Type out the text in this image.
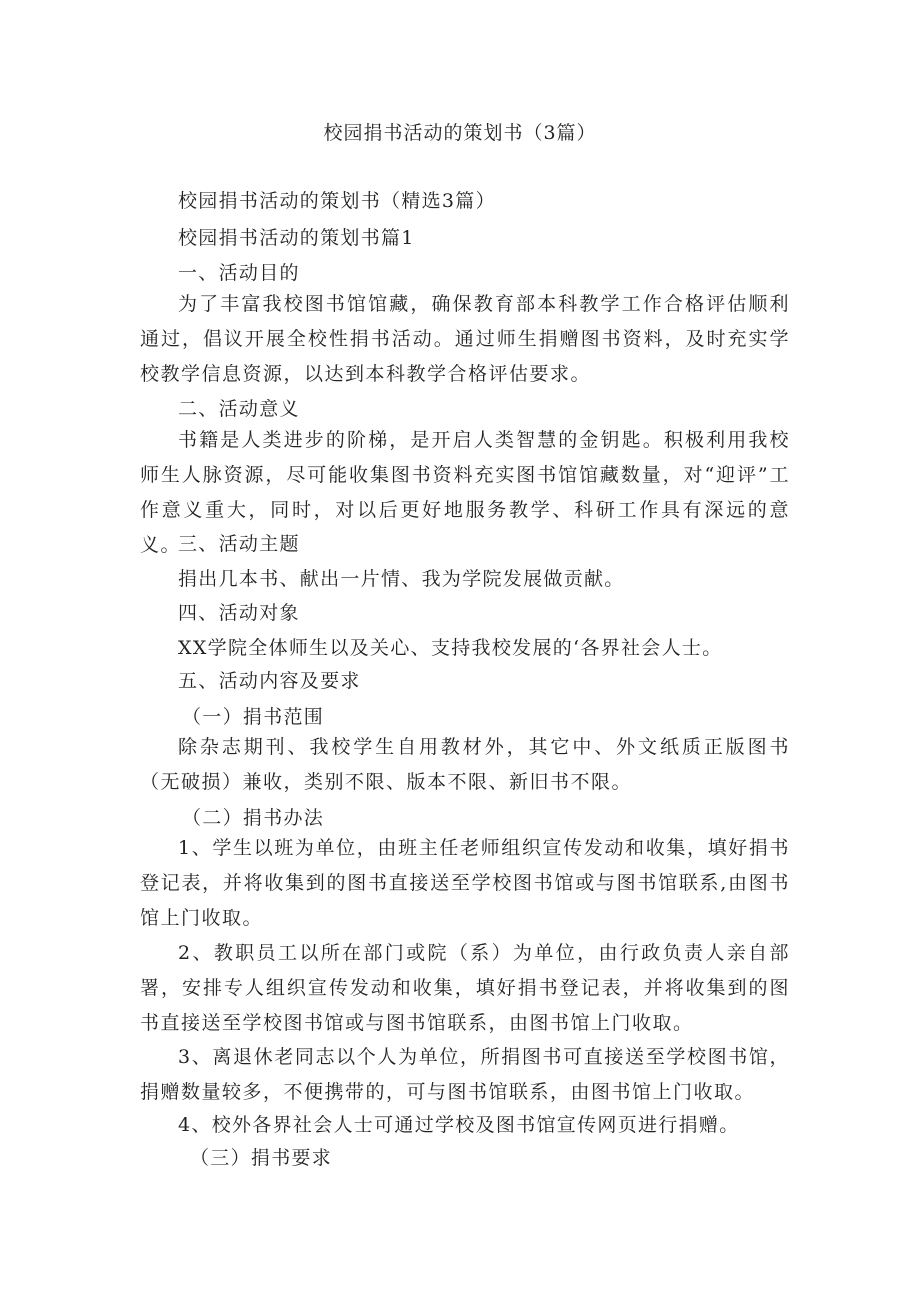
校园捐书活动的策划书（3篇）
校园捐书活动的策划书（精选3篇）
校园捐书活动的策划书篇1
一、活动目的

为了丰富我校图书馆馆藏，确保教育部本科教学工作合格评估顺利通过，倡议开展全校性捐书活动。通过师生捐赠图书资料，及时充实学校教学信息资源，以达到本科教学合格评估要求。

二、活动意义

书籍是人类进步的阶梯，是开启人类智慧的金钥匙。积极利用我校师生人脉资源，尽可能收集图书资料充实图书馆馆藏数量，对“迎评”工作意义重大，同时，对以后更好地服务教学、科研工作具有深远的意义。

三、活动主题
捐出几本书、献出一片情、我为学院发展做贡献。
四、活动对象
XX学院全体师生以及关心、支持我校发展的‘各界社会人士。
五、活动内容及要求
（一）捐书范围

除杂志期刊、我校学生自用教材外，其它中、外文纸质正版图书（无破损）兼收，类别不限、版本不限、新旧书不限。

（二）捐书办法

1、学生以班为单位，由班主任老师组织宣传发动和收集，填好捐书登记表，并将收集到的图书直接送至学校图书馆或与图书馆联系,由图书馆上门收取。

2、教职员工以所在部门或院（系）为单位，由行政负责人亲自部署，安排专人组织宣传发动和收集，填好捐书登记表，并将收集到的图书直接送至学校图书馆或与图书馆联系，由图书馆上门收取。

3、离退休老同志以个人为单位，所捐图书可直接送至学校图书馆，捐赠数量较多，不便携带的，可与图书馆联系，由图书馆上门收取。

4、校外各界社会人士可通过学校及图书馆宣传网页进行捐赠。
（三）捐书要求
